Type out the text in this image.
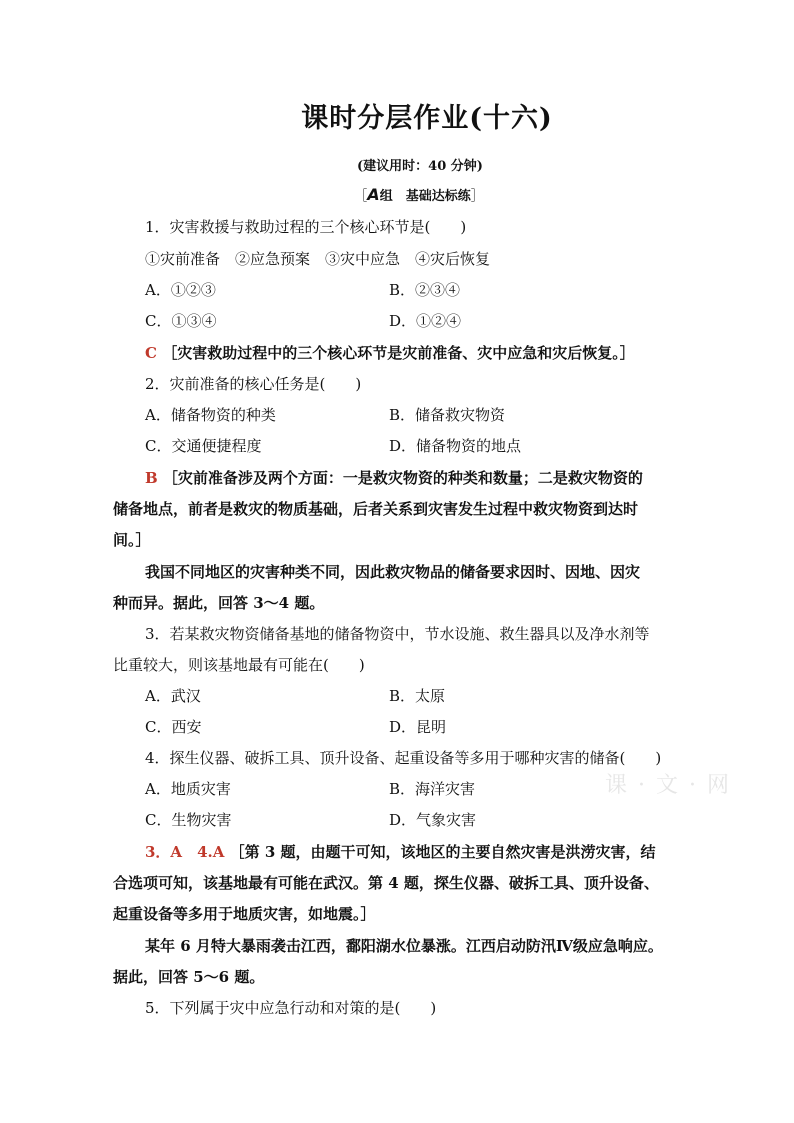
课时分层作业(十六)
(建议用时：40 分钟)
［A组　基础达标练］
1．灾害救援与救助过程的三个核心环节是(　　)
①灾前准备　②应急预案　③灾中应急　④灾后恢复
A．①②③	B．②③④
C．①③④	D．①②④
C ［灾害救助过程中的三个核心环节是灾前准备、灾中应急和灾后恢复。］
2．灾前准备的核心任务是(　　)
A．储备物资的种类	B．储备救灾物资
C．交通便捷程度	D．储备物资的地点
B ［灾前准备涉及两个方面：一是救灾物资的种类和数量；二是救灾物资的
储备地点，前者是救灾的物质基础，后者关系到灾害发生过程中救灾物资到达时
间。］
我国不同地区的灾害种类不同，因此救灾物品的储备要求因时、因地、因灾
种而异。据此，回答 3～4 题。
3．若某救灾物资储备基地的储备物资中，节水设施、救生器具以及净水剂等
比重较大，则该基地最有可能在(　　)
A．武汉	B．太原
C．西安	D．昆明
4．探生仪器、破拆工具、顶升设备、起重设备等多用于哪种灾害的储备(　　)
A．地质灾害	B．海洋灾害
C．生物灾害	D．气象灾害
3．A　4.A ［第 3 题，由题干可知，该地区的主要自然灾害是洪涝灾害，结
合选项可知，该基地最有可能在武汉。第 4 题，探生仪器、破拆工具、顶升设备、
起重设备等多用于地质灾害，如地震。］
某年 6 月特大暴雨袭击江西，鄱阳湖水位暴涨。江西启动防汛Ⅳ级应急响应。
据此，回答 5～6 题。
5．下列属于灾中应急行动和对策的是(　　)
课 · 文 · 网
